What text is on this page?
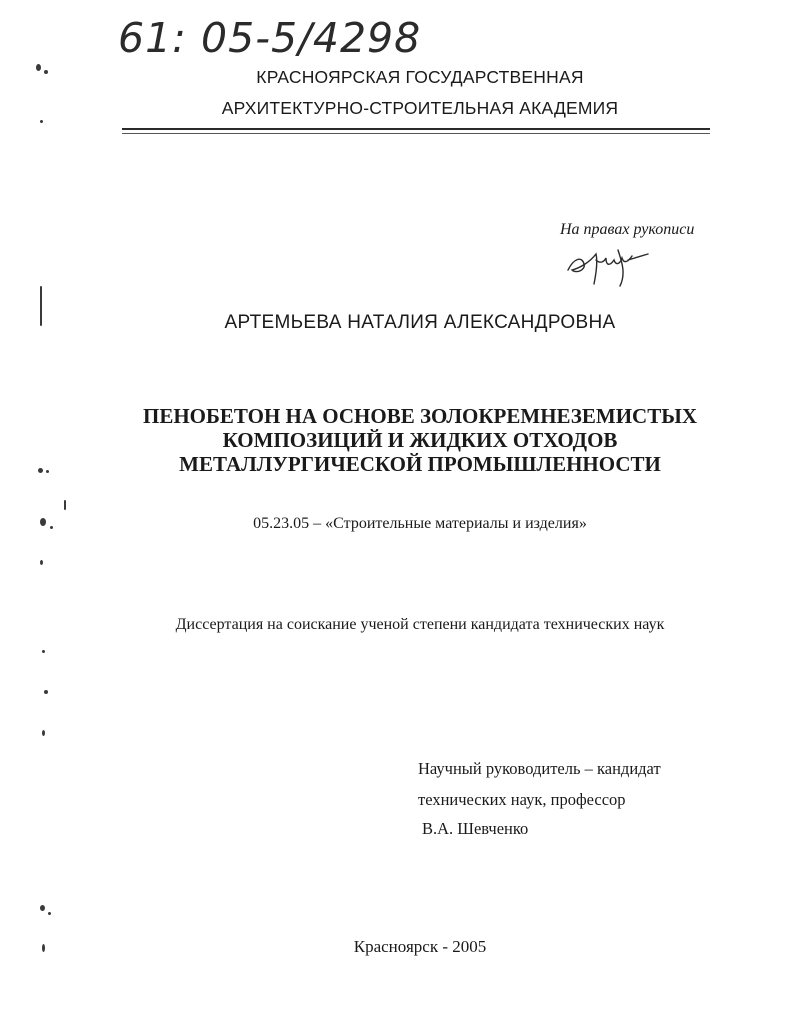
61: 05-5/4298
КРАСНОЯРСКАЯ ГОСУДАРСТВЕННАЯ
АРХИТЕКТУРНО-СТРОИТЕЛЬНАЯ АКАДЕМИЯ
На правах рукописи
АРТЕМЬЕВА НАТАЛИЯ АЛЕКСАНДРОВНА
ПЕНОБЕТОН НА ОСНОВЕ ЗОЛОКРЕМНЕЗЕМИСТЫХ
КОМПОЗИЦИЙ И ЖИДКИХ ОТХОДОВ
МЕТАЛЛУРГИЧЕСКОЙ ПРОМЫШЛЕННОСТИ
05.23.05 – «Строительные материалы и изделия»
Диссертация на соискание ученой степени кандидата технических наук
Научный руководитель – кандидат
технических наук, профессор
В.А. Шевченко
Красноярск - 2005
